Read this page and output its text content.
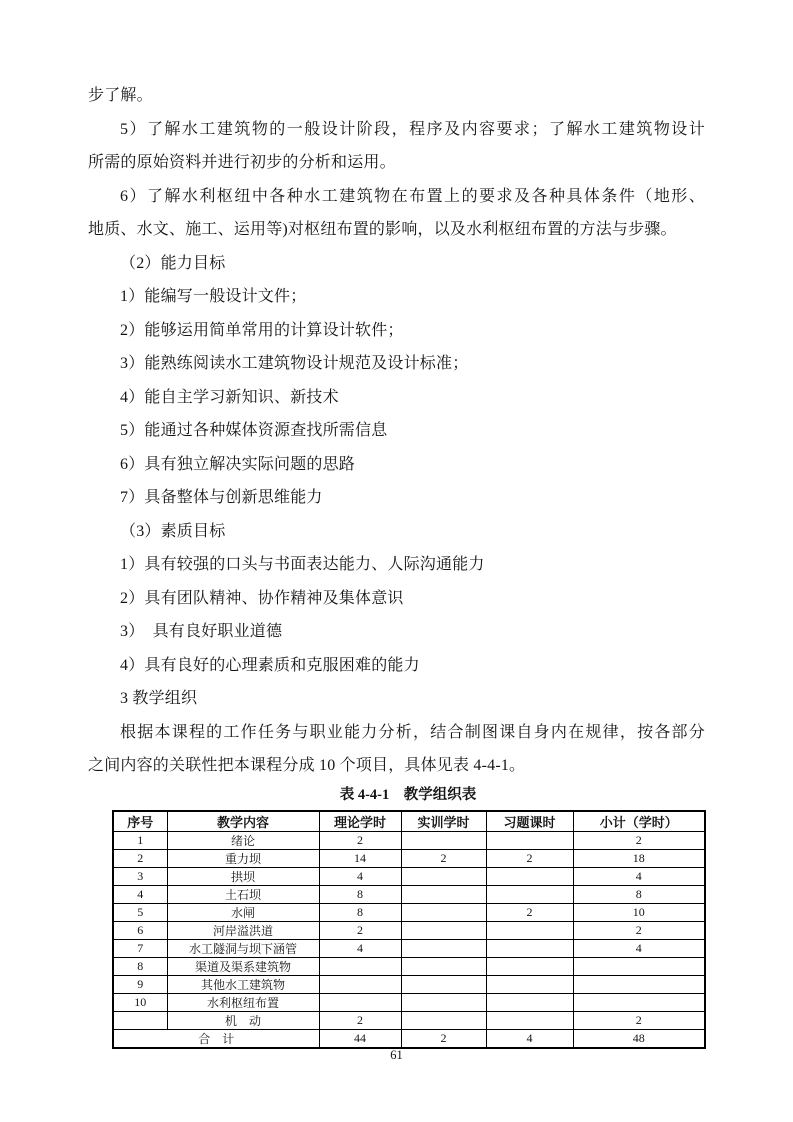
步了解。
5）了解水工建筑物的一般设计阶段，程序及内容要求；了解水工建筑物设计
所需的原始资料并进行初步的分析和运用。
6）了解水利枢纽中各种水工建筑物在布置上的要求及各种具体条件（地形、
地质、水文、施工、运用等)对枢纽布置的影响，以及水利枢纽布置的方法与步骤。
（2）能力目标
1）能编写一般设计文件；
2）能够运用简单常用的计算设计软件；
3）能熟练阅读水工建筑物设计规范及设计标准；
4）能自主学习新知识、新技术
5）能通过各种媒体资源查找所需信息
6）具有独立解决实际问题的思路
7）具备整体与创新思维能力
（3）素质目标
1）具有较强的口头与书面表达能力、人际沟通能力
2）具有团队精神、协作精神及集体意识
3）　具有良好职业道德
4）具有良好的心理素质和克服困难的能力
3 教学组织
根据本课程的工作任务与职业能力分析，结合制图课自身内在规律，按各部分
之间内容的关联性把本课程分成 10 个项目，具体见表 4-4-1。
表 4-4-1　教学组织表
序号	教学内容	理论学时	实训学时	习题课时	小计（学时）
1	绪论	2			2
2	重力坝	14	2	2	18
3	拱坝	4			4
4	土石坝	8			8
5	水闸	8		2	10
6	河岸溢洪道	2			2
7	水工隧洞与坝下涵管	4			4
8	渠道及渠系建筑物				
9	其他水工建筑物				
10	水利枢纽布置				
	机　动	2			2
合　计		44	2	4	48
61
